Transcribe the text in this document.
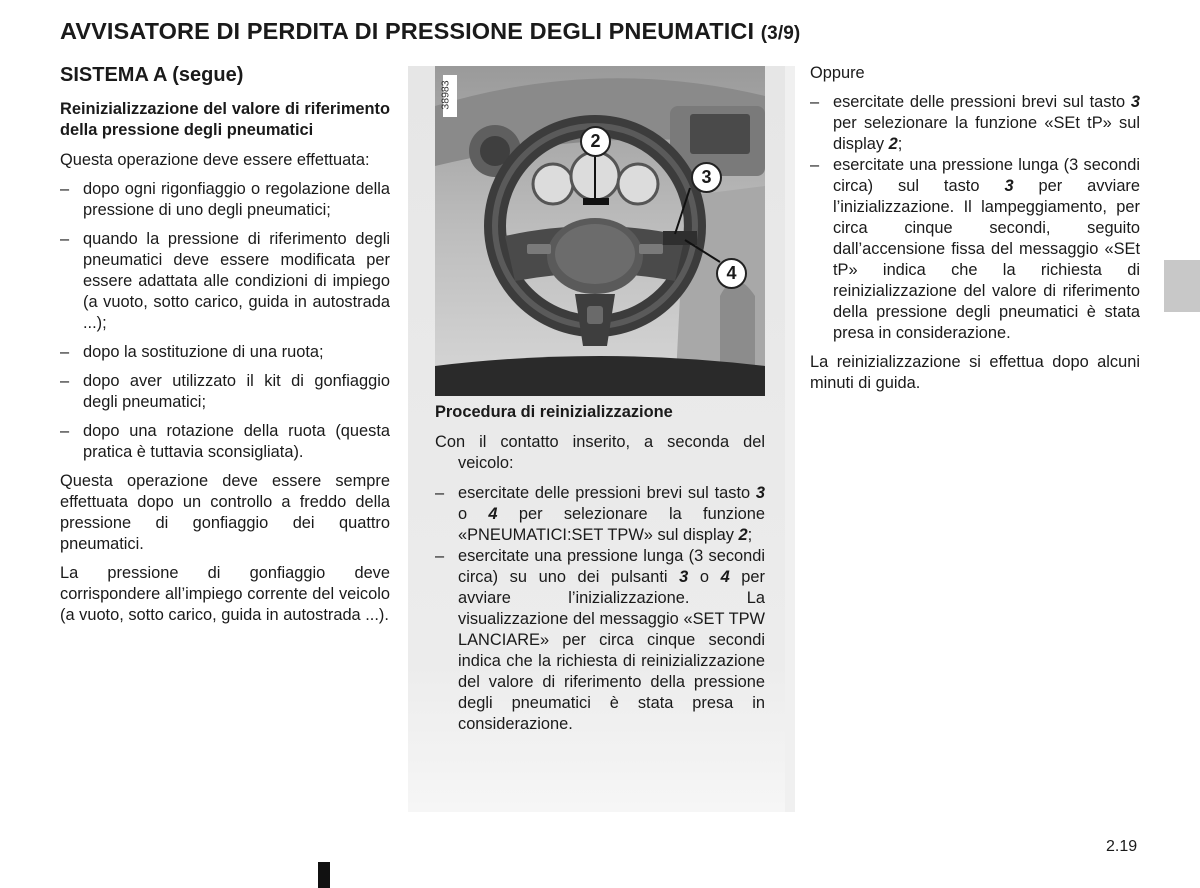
AVVISATORE DI PERDITA DI PRESSIONE DEGLI PNEUMATICI (3/9)
SISTEMA A (segue)

Reinizializzazione del valore di riferimento della pressione degli pneumatici

Questa operazione deve essere effettuata:

– dopo ogni rigonfiaggio o regolazione della pressione di uno degli pneumatici;
– quando la pressione di riferimento degli pneumatici deve essere modificata per essere adattata alle condizioni di impiego (a vuoto, sotto carico, guida in autostrada ...);
– dopo la sostituzione di una ruota;
– dopo aver utilizzato il kit di gonfiaggio degli pneumatici;
– dopo una rotazione della ruota (questa pratica è tuttavia sconsigliata).

Questa operazione deve essere sempre effettuata dopo un controllo a freddo della pressione di gonfiaggio dei quattro pneumatici.

La pressione di gonfiaggio deve corrispondere all’impiego corrente del veicolo (a vuoto, sotto carico, guida in autostrada ...).

38983
2
3
4

Procedura di reinizializzazione

Con il contatto inserito, a seconda del veicolo:

– esercitate delle pressioni brevi sul tasto 3 o 4 per selezionare la funzione «PNEUMATICI:SET TPW» sul display 2;
– esercitate una pressione lunga (3 secondi circa) su uno dei pulsanti 3 o 4 per avviare l’inizializzazione. La visualizzazione del messaggio «SET TPW LANCIARE» per circa cinque secondi indica che la richiesta di reinizializzazione del valore di riferimento della pressione degli pneumatici è stata presa in considerazione.

Oppure

– esercitate delle pressioni brevi sul tasto 3 per selezionare la funzione «SEt tP» sul display 2;
– esercitate una pressione lunga (3 secondi circa) sul tasto 3 per avviare l’inizializzazione. Il lampeggiamento, per circa cinque secondi, seguito dall’accensione fissa del messaggio «SEt tP» indica che la richiesta di reinizializzazione del valore di riferimento della pressione degli pneumatici è stata presa in considerazione.

La reinizializzazione si effettua dopo alcuni minuti di guida.

2.19
